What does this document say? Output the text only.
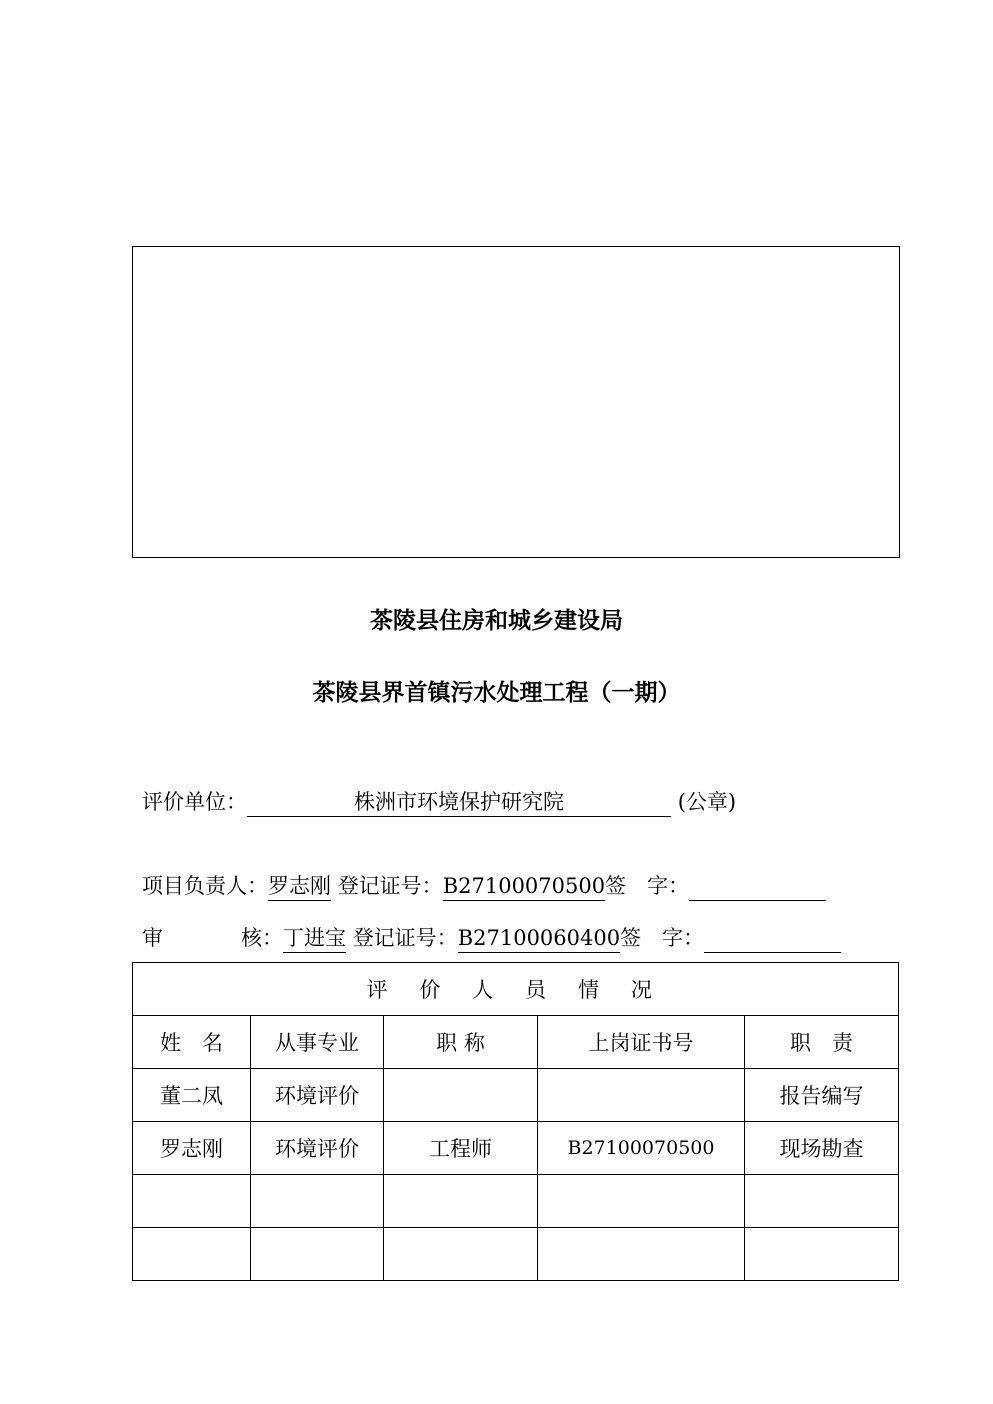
茶陵县住房和城乡建设局
茶陵县界首镇污水处理工程（一期）
评价单位：	株洲市环境保护研究院	(公章)
项目负责人：罗志刚 登记证号：B27100070500签　字：
审	核：丁进宝 登记证号：B27100060400签　字：
评 价 人 员 情 况				
姓　名	从事专业	职 称	上岗证书号	职　责
董二凤	环境评价			报告编写
罗志刚	环境评价	工程师	B27100070500	现场勘查
